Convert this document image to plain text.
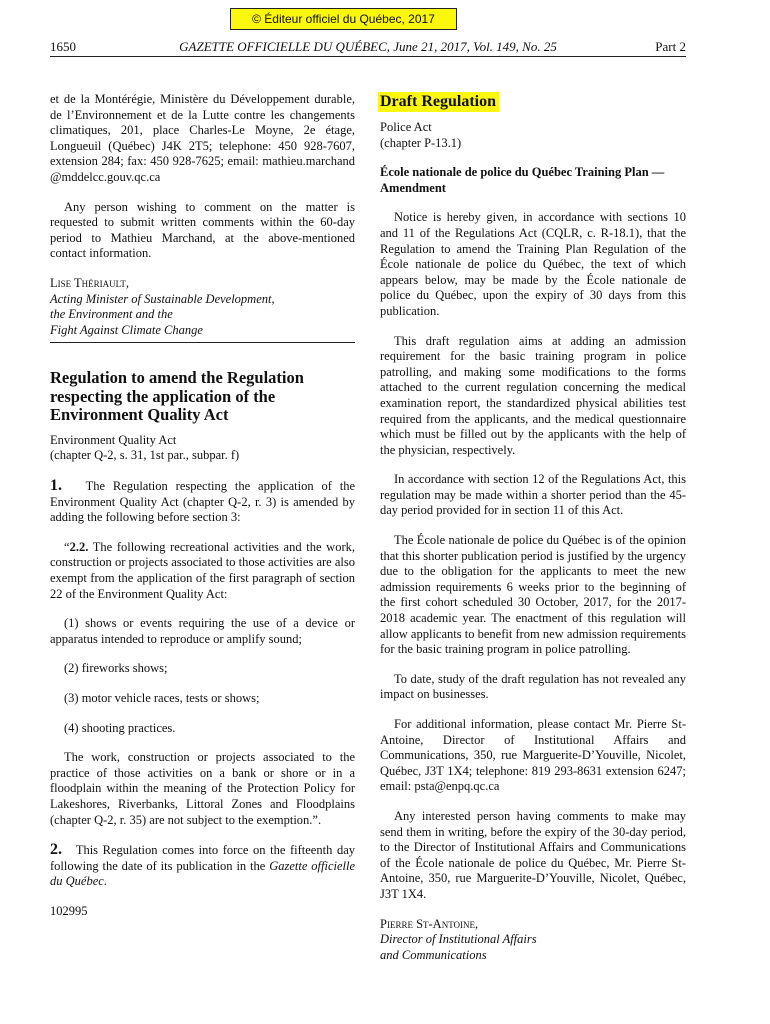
© Éditeur officiel du Québec, 2017
1650	GAZETTE OFFICIELLE DU QUÉBEC, June 21, 2017, Vol. 149, No. 25	Part 2

et de la Montérégie, Ministère du Développement durable, de l’Environnement et de la Lutte contre les changements climatiques, 201, place Charles-Le Moyne, 2e étage, Longueuil (Québec) J4K 2T5; telephone: 450 928-7607, extension 284; fax: 450 928-7625; email: mathieu.marchand @mddelcc.gouv.qc.ca

Any person wishing to comment on the matter is requested to submit written comments within the 60-day period to Mathieu Marchand, at the above-mentioned contact information.

Lise Thériault,
Acting Minister of Sustainable Development,
the Environment and the
Fight Against Climate Change

Regulation to amend the Regulation respecting the application of the Environment Quality Act

Environment Quality Act
(chapter Q-2, s. 31, 1st par., subpar. f)

1. The Regulation respecting the application of the Environment Quality Act (chapter Q-2, r. 3) is amended by adding the following before section 3:

“2.2. The following recreational activities and the work, construction or projects associated to those activities are also exempt from the application of the first paragraph of section 22 of the Environment Quality Act:

(1) shows or events requiring the use of a device or apparatus intended to reproduce or amplify sound;

(2) fireworks shows;

(3) motor vehicle races, tests or shows;

(4) shooting practices.

The work, construction or projects associated to the practice of those activities on a bank or shore or in a floodplain within the meaning of the Protection Policy for Lakeshores, Riverbanks, Littoral Zones and Floodplains (chapter Q-2, r. 35) are not subject to the exemption.”.

2. This Regulation comes into force on the fifteenth day following the date of its publication in the Gazette officielle du Québec.

102995

Draft Regulation

Police Act
(chapter P-13.1)

École nationale de police du Québec Training Plan —Amendment

Notice is hereby given, in accordance with sections 10 and 11 of the Regulations Act (CQLR, c. R-18.1), that the Regulation to amend the Training Plan Regulation of the École nationale de police du Québec, the text of which appears below, may be made by the École nationale de police du Québec, upon the expiry of 30 days from this publication.

This draft regulation aims at adding an admission requirement for the basic training program in police patrolling, and making some modifications to the forms attached to the current regulation concerning the medical examination report, the standardized physical abilities test required from the applicants, and the medical questionnaire which must be filled out by the applicants with the help of the physician, respectively.

In accordance with section 12 of the Regulations Act, this regulation may be made within a shorter period than the 45-day period provided for in section 11 of this Act.

The École nationale de police du Québec is of the opinion that this shorter publication period is justified by the urgency due to the obligation for the applicants to meet the new admission requirements 6 weeks prior to the beginning of the first cohort scheduled 30 October, 2017, for the 2017-2018 academic year. The enactment of this regulation will allow applicants to benefit from new admission requirements for the basic training program in police patrolling.

To date, study of the draft regulation has not revealed any impact on businesses.

For additional information, please contact Mr. Pierre St-Antoine, Director of Institutional Affairs and Communications, 350, rue Marguerite-D’Youville, Nicolet, Québec, J3T 1X4; telephone: 819 293-8631 extension 6247; email: psta@enpq.qc.ca

Any interested person having comments to make may send them in writing, before the expiry of the 30-day period, to the Director of Institutional Affairs and Communications of the École nationale de police du Québec, Mr. Pierre St-Antoine, 350, rue Marguerite-D’Youville, Nicolet, Québec, J3T 1X4.

Pierre St-Antoine,
Director of Institutional Affairs
and Communications
